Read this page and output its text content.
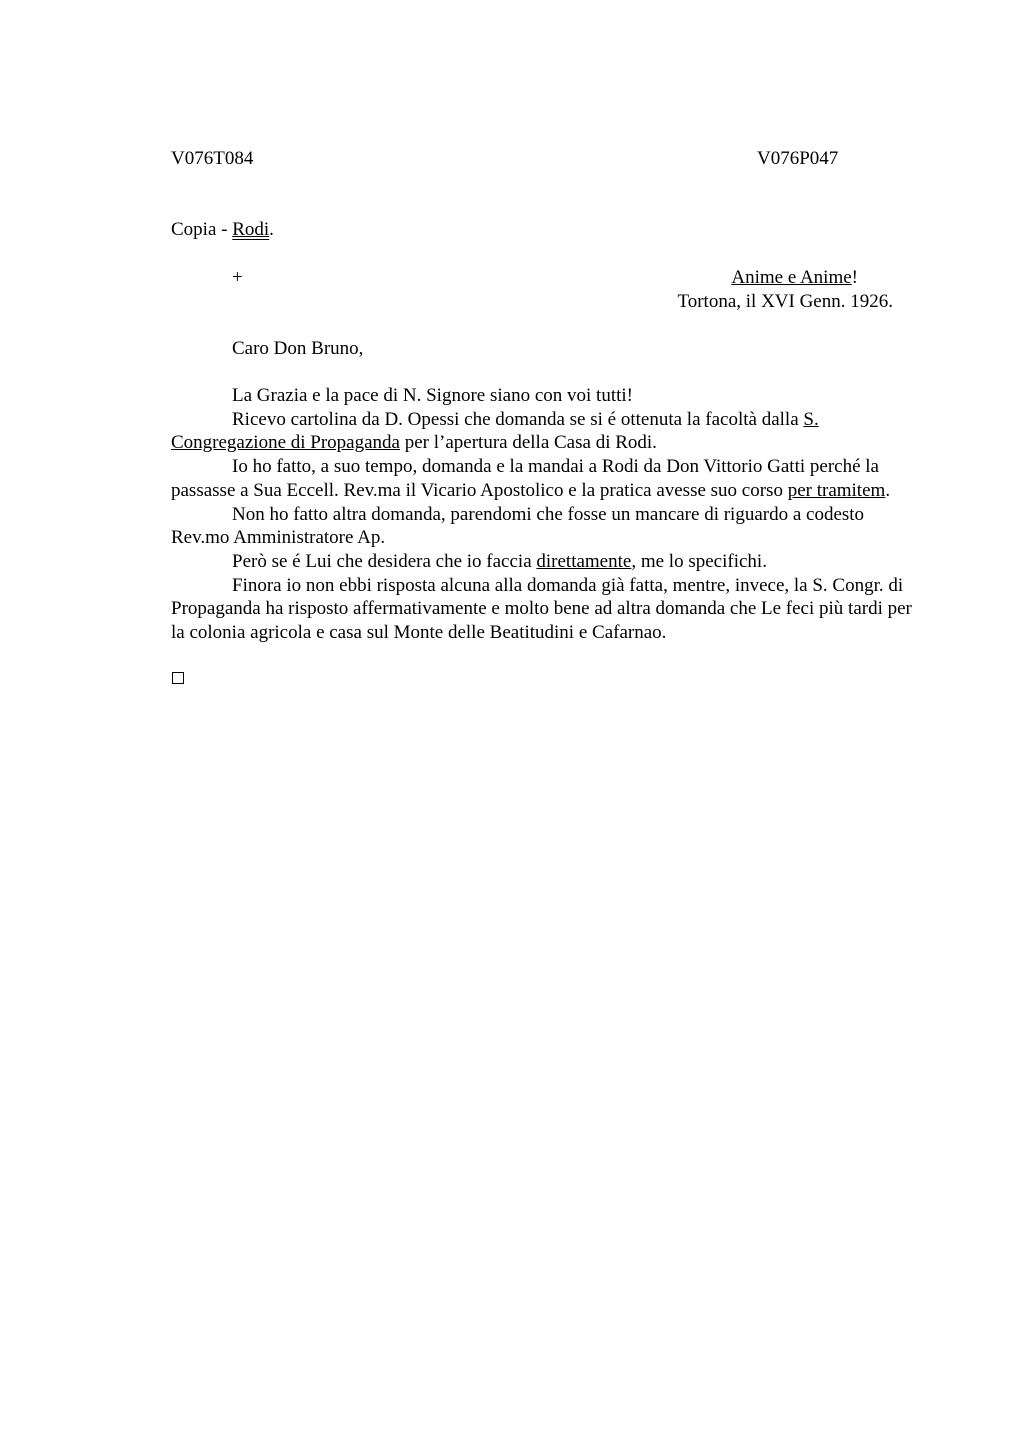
V076T084	V076P047
Copia - Rodi.
+	Anime e Anime!
Tortona, il XVI Genn. 1926.
Caro Don Bruno,

La Grazia e la pace di N. Signore siano con voi tutti!

Ricevo cartolina da D. Opessi che domanda se si é ottenuta la facoltà dalla S. Congregazione di Propaganda per l’apertura della Casa di Rodi.

Io ho fatto, a suo tempo, domanda e la mandai a Rodi da Don Vittorio Gatti perché la passasse a Sua Eccell. Rev.ma il Vicario Apostolico e la pratica avesse suo corso per tramitem.

Non ho fatto altra domanda, parendomi che fosse un mancare di riguardo a codesto Rev.mo Amministratore Ap.

Però se é Lui che desidera che io faccia direttamente, me lo specifichi.

Finora io non ebbi risposta alcuna alla domanda già fatta, mentre, invece, la S. Congr. di Propaganda ha risposto affermativamente e molto bene ad altra domanda che Le feci più tardi per la colonia agricola e casa sul Monte delle Beatitudini e Cafarnao.
